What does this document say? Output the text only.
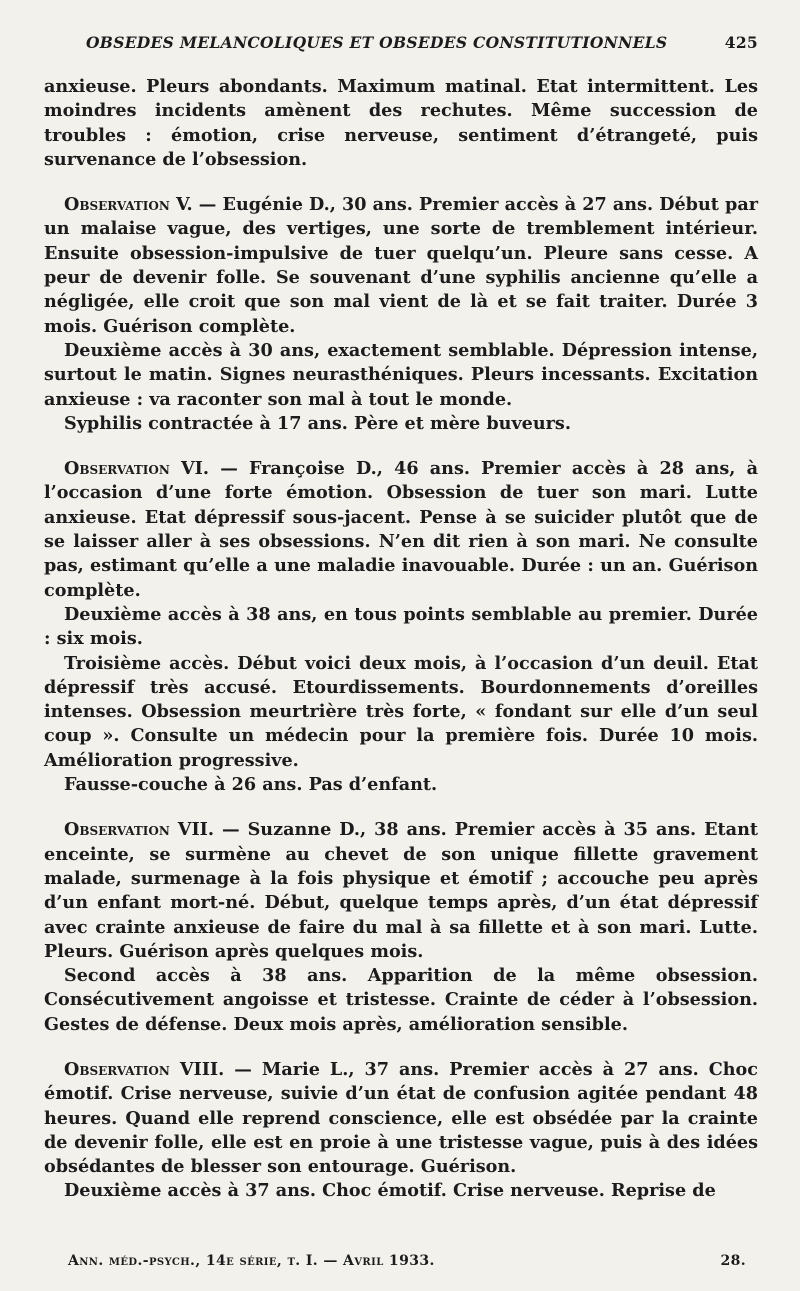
OBSEDES MELANCOLIQUES ET OBSEDES CONSTITUTIONNELS	425

anxieuse. Pleurs abondants. Maximum matinal. Etat intermittent. Les moindres incidents amènent des rechutes. Même succession de troubles : émotion, crise nerveuse, sentiment d’étrangeté, puis survenance de l’obsession.

Observation V. — Eugénie D., 30 ans. Premier accès à 27 ans. Début par un malaise vague, des vertiges, une sorte de tremblement intérieur. Ensuite obsession-impulsive de tuer quelqu’un. Pleure sans cesse. A peur de devenir folle. Se souvenant d’une syphilis ancienne qu’elle a négligée, elle croit que son mal vient de là et se fait traiter. Durée 3 mois. Guérison complète.

Deuxième accès à 30 ans, exactement semblable. Dépression intense, surtout le matin. Signes neurasthéniques. Pleurs incessants. Excitation anxieuse : va raconter son mal à tout le monde.

Syphilis contractée à 17 ans. Père et mère buveurs.

Observation VI. — Françoise D., 46 ans. Premier accès à 28 ans, à l’occasion d’une forte émotion. Obsession de tuer son mari. Lutte anxieuse. Etat dépressif sous-jacent. Pense à se suicider plutôt que de se laisser aller à ses obsessions. N’en dit rien à son mari. Ne consulte pas, estimant qu’elle a une maladie inavouable. Durée : un an. Guérison complète.

Deuxième accès à 38 ans, en tous points semblable au premier. Durée : six mois.

Troisième accès. Début voici deux mois, à l’occasion d’un deuil. Etat dépressif très accusé. Etourdissements. Bourdonnements d’oreilles intenses. Obsession meurtrière très forte, « fondant sur elle d’un seul coup ». Consulte un médecin pour la première fois. Durée 10 mois. Amélioration progressive.

Fausse-couche à 26 ans. Pas d’enfant.

Observation VII. — Suzanne D., 38 ans. Premier accès à 35 ans. Etant enceinte, se surmène au chevet de son unique fillette gravement malade, surmenage à la fois physique et émotif ; accouche peu après d’un enfant mort-né. Début, quelque temps après, d’un état dépressif avec crainte anxieuse de faire du mal à sa fillette et à son mari. Lutte. Pleurs. Guérison après quelques mois.

Second accès à 38 ans. Apparition de la même obsession. Consécutivement angoisse et tristesse. Crainte de céder à l’obsession. Gestes de défense. Deux mois après, amélioration sensible.

Observation VIII. — Marie L., 37 ans. Premier accès à 27 ans. Choc émotif. Crise nerveuse, suivie d’un état de confusion agitée pendant 48 heures. Quand elle reprend conscience, elle est obsédée par la crainte de devenir folle, elle est en proie à une tristesse vague, puis à des idées obsédantes de blesser son entourage. Guérison.

Deuxième accès à 37 ans. Choc émotif. Crise nerveuse. Reprise de

Ann. méd.-psych., 14e série, t. I. — Avril 1933.	28.
